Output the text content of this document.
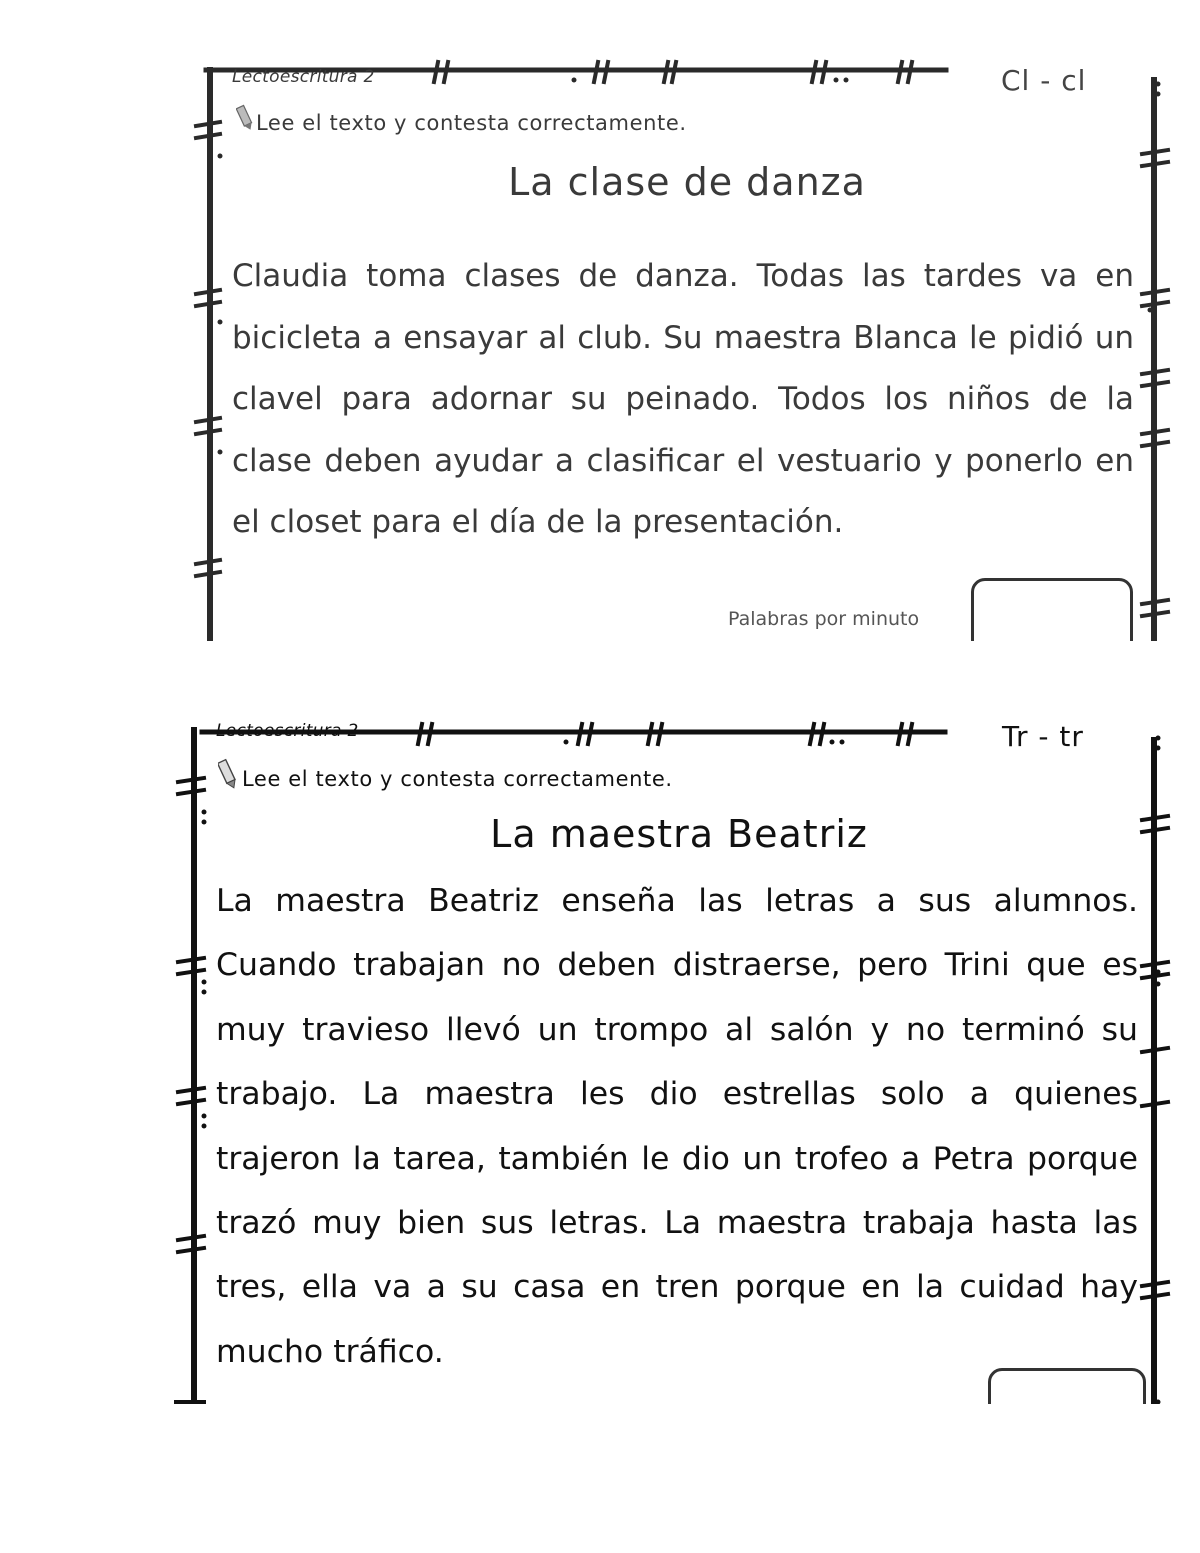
Lectoescritura 2	Cl - cl
Lee el texto y contesta correctamente.
La clase de danza

Claudia toma clases de danza. Todas las tardes va en bicicleta a ensayar al club. Su maestra Blanca le pidió un clavel para adornar su peinado. Todos los niños de la clase deben ayudar a clasificar el vestuario y ponerlo en el closet para el día de la presentación.

Palabras por minuto
Lectoescritura 2	Tr - tr
Lee el texto y contesta correctamente.
La maestra Beatriz

La maestra Beatriz enseña las letras a sus alumnos. Cuando trabajan no deben distraerse, pero Trini que es muy travieso llevó un trompo al salón y no terminó su trabajo. La maestra les dio estrellas solo a quienes trajeron la tarea, también le dio un trofeo a Petra porque trazó muy bien sus letras. La maestra trabaja hasta las tres, ella va a su casa en tren porque en la cuidad hay mucho tráfico.
